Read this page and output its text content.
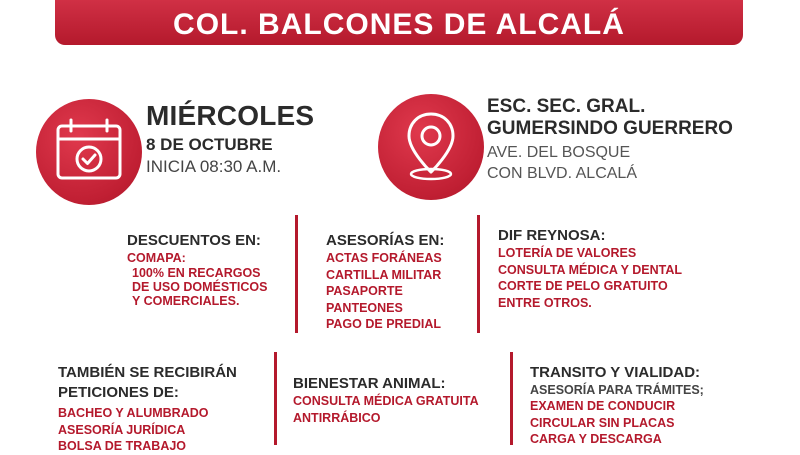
COL. BALCONES DE ALCALÁ
MIÉRCOLES
8 DE OCTUBRE
INICIA 08:30 A.M.
ESC. SEC. GRAL.
GUMERSINDO GUERRERO
AVE. DEL BOSQUE
CON BLVD. ALCALÁ
DESCUENTOS EN:
COMAPA:
100% EN RECARGOS
DE USO DOMÉSTICOS
Y COMERCIALES.
ASESORÍAS EN:
ACTAS FORÁNEAS
CARTILLA MILITAR
PASAPORTE
PANTEONES
PAGO DE PREDIAL
DIF REYNOSA:
LOTERÍA DE VALORES
CONSULTA MÉDICA Y DENTAL
CORTE DE PELO GRATUITO
ENTRE OTROS.
TAMBIÉN SE RECIBIRÁN
PETICIONES DE:
BACHEO Y ALUMBRADO
ASESORÍA JURÍDICA
BOLSA DE TRABAJO
BIENESTAR ANIMAL:
CONSULTA MÉDICA GRATUITA
ANTIRRÁBICO
TRANSITO Y VIALIDAD:
ASESORÍA PARA TRÁMITES;
EXAMEN DE CONDUCIR
CIRCULAR SIN PLACAS
CARGA Y DESCARGA
